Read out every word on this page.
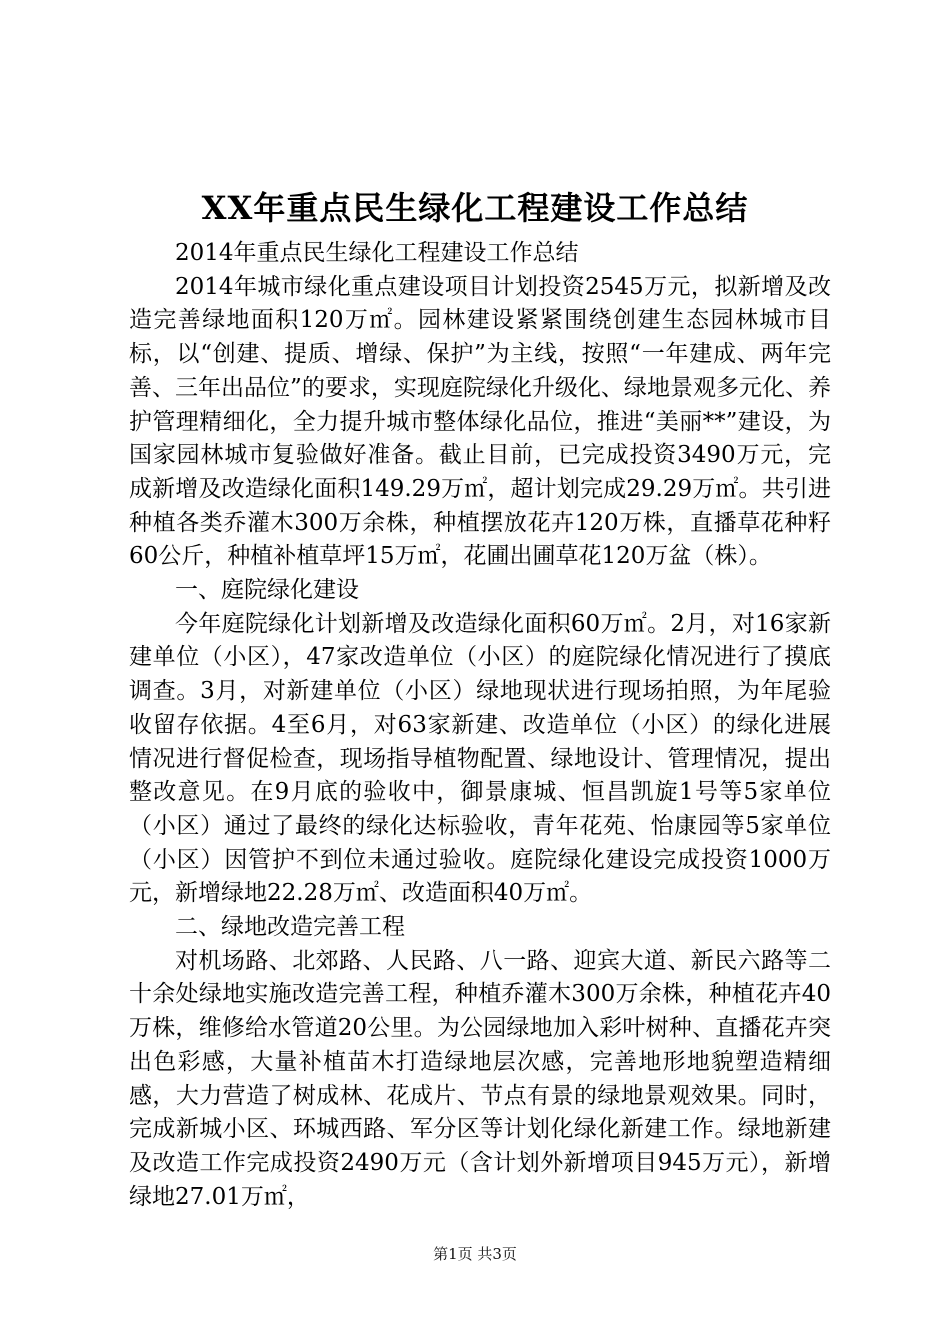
XX年重点民生绿化工程建设工作总结

2014年重点民生绿化工程建设工作总结

2014年城市绿化重点建设项目计划投资2545万元，拟新增及改造完善绿地面积120万㎡。园林建设紧紧围绕创建生态园林城市目标，以“创建、提质、增绿、保护”为主线，按照“一年建成、两年完善、三年出品位”的要求，实现庭院绿化升级化、绿地景观多元化、养护管理精细化，全力提升城市整体绿化品位，推进“美丽**”建设，为国家园林城市复验做好准备。截止目前，已完成投资3490万元，完成新增及改造绿化面积149.29万㎡，超计划完成29.29万㎡。共引进种植各类乔灌木300万余株，种植摆放花卉120万株，直播草花种籽60公斤，种植补植草坪15万㎡，花圃出圃草花120万盆（株）。

一、庭院绿化建设

今年庭院绿化计划新增及改造绿化面积60万㎡。2月，对16家新建单位（小区），47家改造单位（小区）的庭院绿化情况进行了摸底调查。3月，对新建单位（小区）绿地现状进行现场拍照，为年尾验收留存依据。4至6月，对63家新建、改造单位（小区）的绿化进展情况进行督促检查，现场指导植物配置、绿地设计、管理情况，提出整改意见。在9月底的验收中，御景康城、恒昌凯旋1号等5家单位（小区）通过了最终的绿化达标验收，青年花苑、怡康园等5家单位（小区）因管护不到位未通过验收。庭院绿化建设完成投资1000万元，新增绿地22.28万㎡、改造面积40万㎡。

二、绿地改造完善工程

对机场路、北郊路、人民路、八一路、迎宾大道、新民六路等二十余处绿地实施改造完善工程，种植乔灌木300万余株，种植花卉40万株，维修给水管道20公里。为公园绿地加入彩叶树种、直播花卉突出色彩感，大量补植苗木打造绿地层次感，完善地形地貌塑造精细感，大力营造了树成林、花成片、节点有景的绿地景观效果。同时，完成新城小区、环城西路、军分区等计划化绿化新建工作。绿地新建及改造工作完成投资2490万元（含计划外新增项目945万元），新增绿地27.01万㎡，

第1页 共3页
